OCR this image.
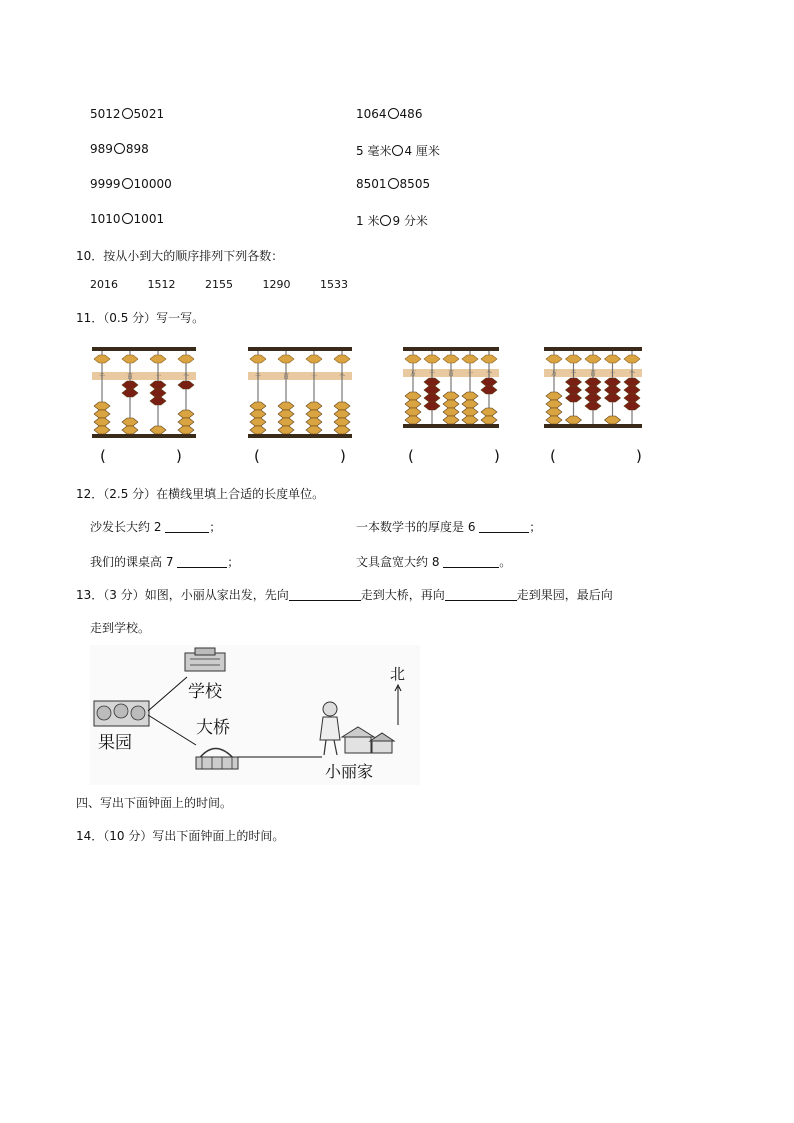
5012 5021	1064 486
989 898	5 毫米 4 厘米
9999 10000	8501 8505
1010 1001	1 米 9 分米
10．按从小到大的顺序排列下列各数：
2016	1512	2155	1290	1533
11．（0.5 分）写一写。
千	百	十	个	千	百	十	个	万 千 百 十 个	万 千 百 十 个
(	)	(	)	(	)	(	)
12．（2.5 分）在横线里填上合适的长度单位。
沙发长大约 2	；	一本数学书的厚度是 6	；
我们的课桌高 7	；	文具盒宽大约 8	。
13．（3 分）如图，小丽从家出发，先向	走到大桥，再向	走到果园，最后向
走到学校。
学校
果园
大桥
小丽家
北
四、写出下面钟面上的时间。
14．（10 分）写出下面钟面上的时间。
